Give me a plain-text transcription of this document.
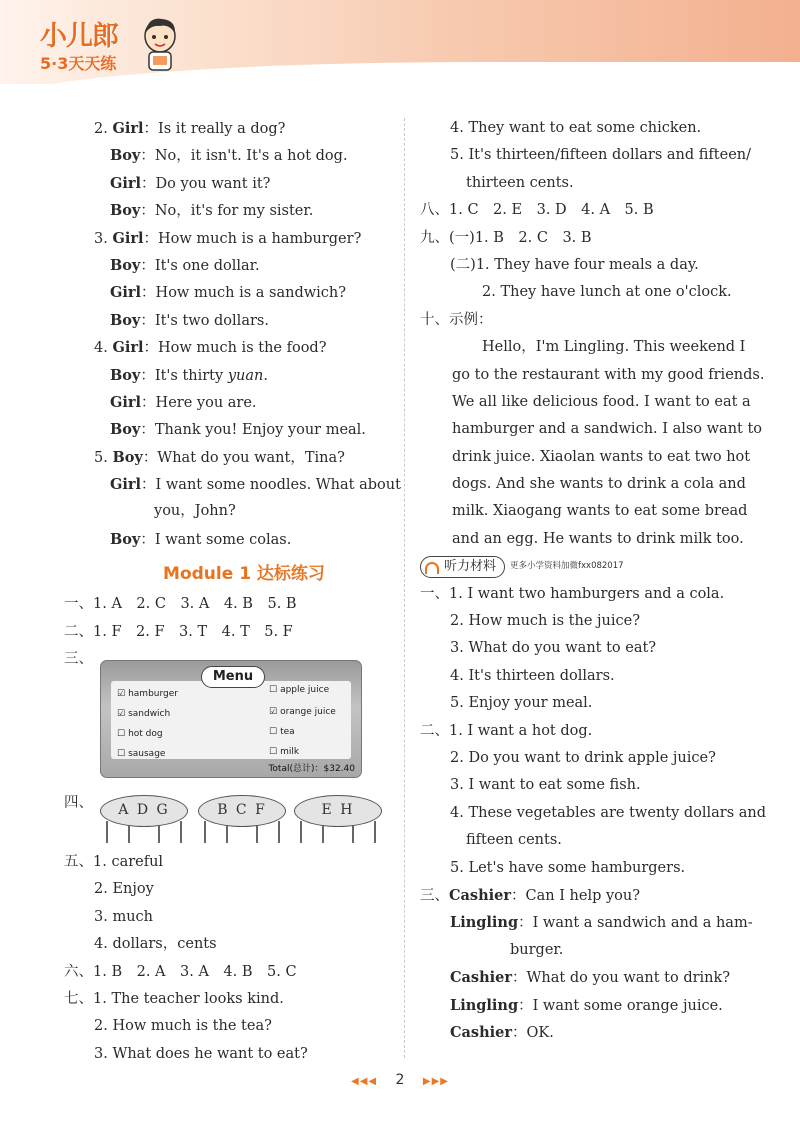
小儿郎
5·3天天练
2. Girl：Is it really a dog?
Boy：No，it isn't. It's a hot dog.
Girl：Do you want it?
Boy：No，it's for my sister.
3. Girl：How much is a hamburger?
Boy：It's one dollar.
Girl：How much is a sandwich?
Boy：It's two dollars.
4. Girl：How much is the food?
Boy：It's thirty yuan.
Girl：Here you are.
Boy：Thank you! Enjoy your meal.
5. Boy：What do you want，Tina?
Girl：I want some noodles. What about
you，John?
Boy：I want some colas.
Module 1 达标练习
一、1. A　2. C　3. A　4. B　5. B
二、1. F　2. F　3. T　4. T　5. F
三、
☑ hamburger
☑ sandwich
☐ hot dog
☐ sausage
☐ apple juice
☑ orange juice
☐ tea
☐ milk
Menu
Total(总计)：$32.40
四、	A D G	B C F	E H
五、1. careful
2. Enjoy
3. much
4. dollars，cents
六、1. B　2. A　3. A　4. B　5. C
七、1. The teacher looks kind.
2. How much is the tea?
3. What does he want to eat?
4. They want to eat some chicken.
5. It's thirteen/fifteen dollars and fifteen/
thirteen cents.
八、1. C　2. E　3. D　4. A　5. B
九、(一)1. B　2. C　3. B
(二)1. They have four meals a day.
2. They have lunch at one o'clock.
十、示例：
Hello，I'm Lingling. This weekend I
go to the restaurant with my good friends.
We all like delicious food. I want to eat a
hamburger and a sandwich. I also want to
drink juice. Xiaolan wants to eat two hot
dogs. And she wants to drink a cola and
milk. Xiaogang wants to eat some bread
and an egg. He wants to drink milk too.
听力材料 更多小学资料加微fxx082017
一、1. I want two hamburgers and a cola.
2. How much is the juice?
3. What do you want to eat?
4. It's thirteen dollars.
5. Enjoy your meal.
二、1. I want a hot dog.
2. Do you want to drink apple juice?
3. I want to eat some fish.
4. These vegetables are twenty dollars and
fifteen cents.
5. Let's have some hamburgers.
三、Cashier：Can I help you?
Lingling：I want a sandwich and a ham-
burger.
Cashier：What do you want to drink?
Lingling：I want some orange juice.
Cashier：OK.
◀◀◀ 2 ▶▶▶
